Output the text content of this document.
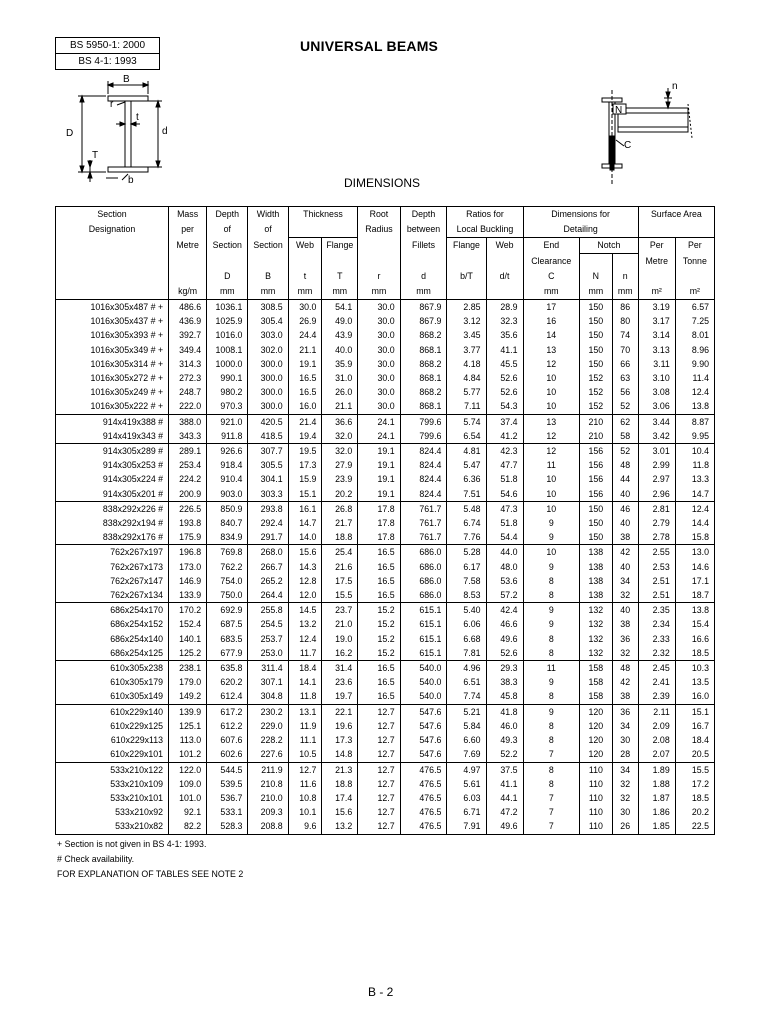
BS 5950-1: 2000
BS 4-1: 1993
UNIVERSAL BEAMS
B
r
t
D	d
T
b
n
N
C
DIMENSIONS
Section	Mass	Depth	Width	Thickness		Root	Depth	Ratios for		Dimensions for			Surface Area	
Designation	per	of	of			Radius	between	Local Buckling		Detailing				
	Metre	Section	Section	Web	Flange		Fillets	Flange	Web	End	Notch		Per	Per
										Clearance			Metre	Tonne
		D	B	t	T	r	d	b/T	d/t	C	N	n		
	kg/m	mm	mm	mm	mm	mm	mm			mm	mm	mm	m²	m²
1016x305x487 # +	486.6	1036.1	308.5	30.0	54.1	30.0	867.9	2.85	28.9	17	150	86	3.19	6.57
1016x305x437 # +	436.9	1025.9	305.4	26.9	49.0	30.0	867.9	3.12	32.3	16	150	80	3.17	7.25
1016x305x393 # +	392.7	1016.0	303.0	24.4	43.9	30.0	868.2	3.45	35.6	14	150	74	3.14	8.01
1016x305x349 # +	349.4	1008.1	302.0	21.1	40.0	30.0	868.1	3.77	41.1	13	150	70	3.13	8.96
1016x305x314 # +	314.3	1000.0	300.0	19.1	35.9	30.0	868.2	4.18	45.5	12	150	66	3.11	9.90
1016x305x272 # +	272.3	990.1	300.0	16.5	31.0	30.0	868.1	4.84	52.6	10	152	63	3.10	11.4
1016x305x249 # +	248.7	980.2	300.0	16.5	26.0	30.0	868.2	5.77	52.6	10	152	56	3.08	12.4
1016x305x222 # +	222.0	970.3	300.0	16.0	21.1	30.0	868.1	7.11	54.3	10	152	52	3.06	13.8
914x419x388 #	388.0	921.0	420.5	21.4	36.6	24.1	799.6	5.74	37.4	13	210	62	3.44	8.87
914x419x343 #	343.3	911.8	418.5	19.4	32.0	24.1	799.6	6.54	41.2	12	210	58	3.42	9.95
914x305x289 #	289.1	926.6	307.7	19.5	32.0	19.1	824.4	4.81	42.3	12	156	52	3.01	10.4
914x305x253 #	253.4	918.4	305.5	17.3	27.9	19.1	824.4	5.47	47.7	11	156	48	2.99	11.8
914x305x224 #	224.2	910.4	304.1	15.9	23.9	19.1	824.4	6.36	51.8	10	156	44	2.97	13.3
914x305x201 #	200.9	903.0	303.3	15.1	20.2	19.1	824.4	7.51	54.6	10	156	40	2.96	14.7
838x292x226 #	226.5	850.9	293.8	16.1	26.8	17.8	761.7	5.48	47.3	10	150	46	2.81	12.4
838x292x194 #	193.8	840.7	292.4	14.7	21.7	17.8	761.7	6.74	51.8	9	150	40	2.79	14.4
838x292x176 #	175.9	834.9	291.7	14.0	18.8	17.8	761.7	7.76	54.4	9	150	38	2.78	15.8
762x267x197	196.8	769.8	268.0	15.6	25.4	16.5	686.0	5.28	44.0	10	138	42	2.55	13.0
762x267x173	173.0	762.2	266.7	14.3	21.6	16.5	686.0	6.17	48.0	9	138	40	2.53	14.6
762x267x147	146.9	754.0	265.2	12.8	17.5	16.5	686.0	7.58	53.6	8	138	34	2.51	17.1
762x267x134	133.9	750.0	264.4	12.0	15.5	16.5	686.0	8.53	57.2	8	138	32	2.51	18.7
686x254x170	170.2	692.9	255.8	14.5	23.7	15.2	615.1	5.40	42.4	9	132	40	2.35	13.8
686x254x152	152.4	687.5	254.5	13.2	21.0	15.2	615.1	6.06	46.6	9	132	38	2.34	15.4
686x254x140	140.1	683.5	253.7	12.4	19.0	15.2	615.1	6.68	49.6	8	132	36	2.33	16.6
686x254x125	125.2	677.9	253.0	11.7	16.2	15.2	615.1	7.81	52.6	8	132	32	2.32	18.5
610x305x238	238.1	635.8	311.4	18.4	31.4	16.5	540.0	4.96	29.3	11	158	48	2.45	10.3
610x305x179	179.0	620.2	307.1	14.1	23.6	16.5	540.0	6.51	38.3	9	158	42	2.41	13.5
610x305x149	149.2	612.4	304.8	11.8	19.7	16.5	540.0	7.74	45.8	8	158	38	2.39	16.0
610x229x140	139.9	617.2	230.2	13.1	22.1	12.7	547.6	5.21	41.8	9	120	36	2.11	15.1
610x229x125	125.1	612.2	229.0	11.9	19.6	12.7	547.6	5.84	46.0	8	120	34	2.09	16.7
610x229x113	113.0	607.6	228.2	11.1	17.3	12.7	547.6	6.60	49.3	8	120	30	2.08	18.4
610x229x101	101.2	602.6	227.6	10.5	14.8	12.7	547.6	7.69	52.2	7	120	28	2.07	20.5
533x210x122	122.0	544.5	211.9	12.7	21.3	12.7	476.5	4.97	37.5	8	110	34	1.89	15.5
533x210x109	109.0	539.5	210.8	11.6	18.8	12.7	476.5	5.61	41.1	8	110	32	1.88	17.2
533x210x101	101.0	536.7	210.0	10.8	17.4	12.7	476.5	6.03	44.1	7	110	32	1.87	18.5
533x210x92	92.1	533.1	209.3	10.1	15.6	12.7	476.5	6.71	47.2	7	110	30	1.86	20.2
533x210x82	82.2	528.3	208.8	9.6	13.2	12.7	476.5	7.91	49.6	7	110	26	1.85	22.5
+ Section is not given in BS 4-1: 1993.
# Check availability.
FOR EXPLANATION OF TABLES SEE NOTE 2
B - 2
